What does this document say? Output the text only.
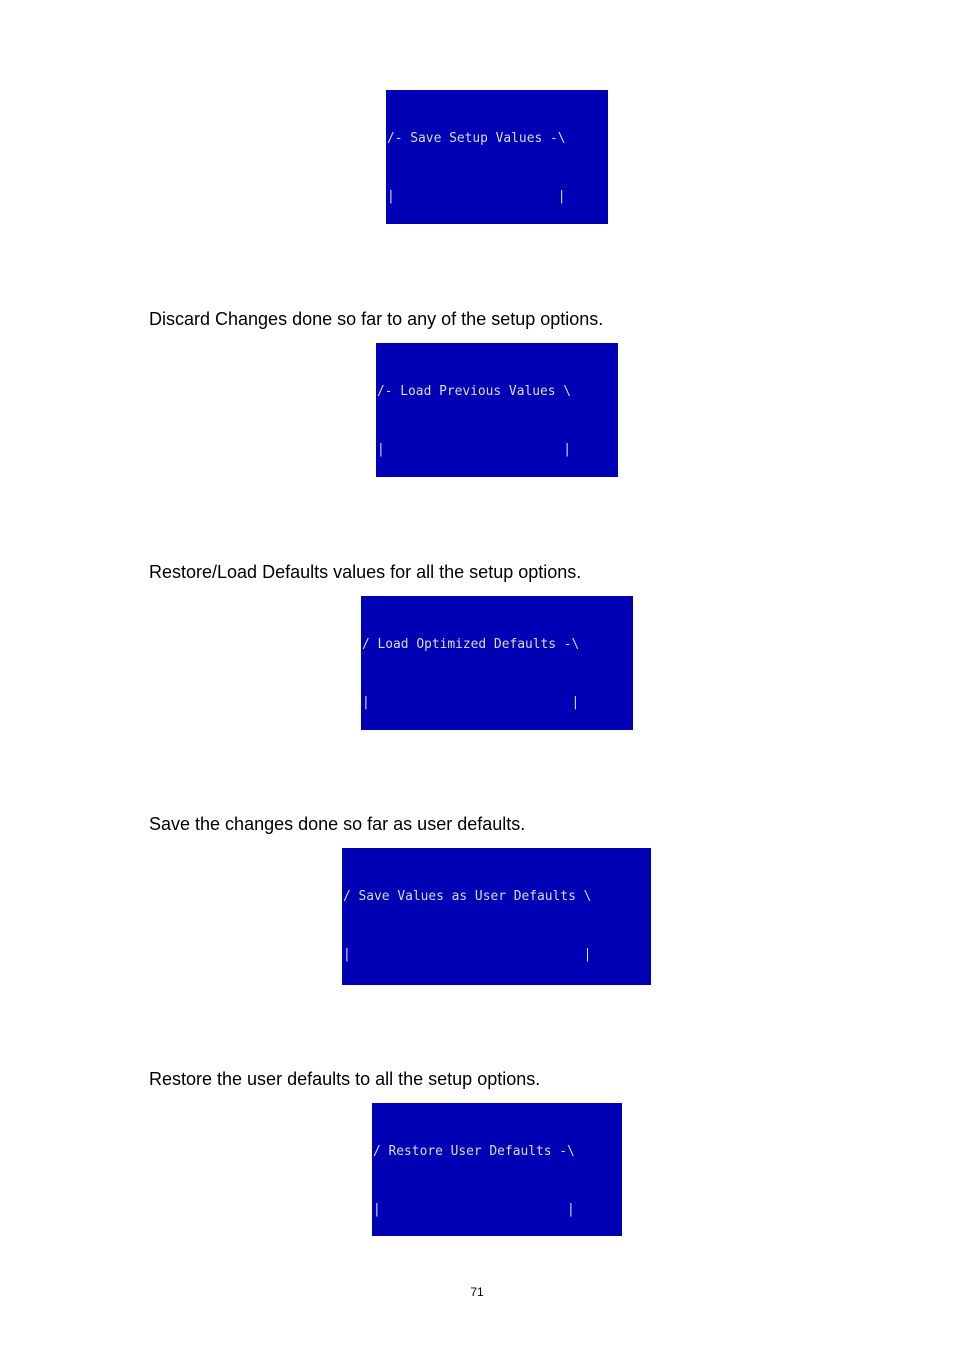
/- Save Setup Values -\

|                     |

Discard Changes done so far to any of the setup options.

/- Load Previous Values \

|                       |

Restore/Load Defaults values for all the setup options.

/ Load Optimized Defaults -\

|                          |

Save the changes done so far as user defaults.

/ Save Values as User Defaults \

|                              |

Restore the user defaults to all the setup options.

/ Restore User Defaults -\

|                        |

71
